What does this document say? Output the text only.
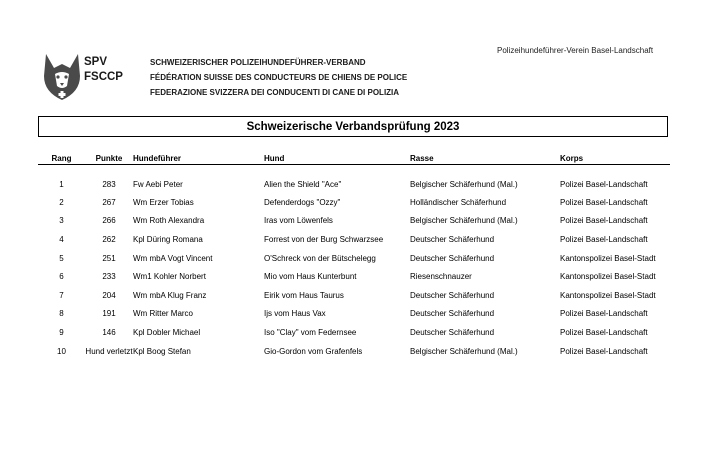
Polizeihundeführer-Verein Basel-Landschaft
SPV
FSCCP
SCHWEIZERISCHER POLIZEIHUNDEFÜHRER-VERBAND
FÉDÉRATION SUISSE DES CONDUCTEURS DE CHIENS DE POLICE
FEDERAZIONE SVIZZERA DEI CONDUCENTI DI CANE DI POLIZIA
Schweizerische Verbandsprüfung 2023
Rang	Punkte	Hundeführer	Hund	Rasse	Korps
1	283	Fw Aebi Peter	Alien the Shield "Ace"	Belgischer Schäferhund (Mal.)	Polizei Basel-Landschaft
2	267	Wm Erzer Tobias	Defenderdogs "Ozzy"	Holländischer Schäferhund	Polizei Basel-Landschaft
3	266	Wm Roth Alexandra	Iras vom Löwenfels	Belgischer Schäferhund (Mal.)	Polizei Basel-Landschaft
4	262	Kpl Düring Romana	Forrest von der Burg Schwarzsee	Deutscher Schäferhund	Polizei Basel-Landschaft
5	251	Wm mbA Vogt Vincent	O'Schreck von der Bütschelegg	Deutscher Schäferhund	Kantonspolizei Basel-Stadt
6	233	Wm1 Kohler Norbert	Mio vom Haus Kunterbunt	Riesenschnauzer	Kantonspolizei Basel-Stadt
7	204	Wm mbA Klug Franz	Eirik vom Haus Taurus	Deutscher Schäferhund	Kantonspolizei Basel-Stadt
8	191	Wm Ritter Marco	Ijs vom Haus Vax	Deutscher Schäferhund	Polizei Basel-Landschaft
9	146	Kpl Dobler Michael	Iso "Clay" vom Federnsee	Deutscher Schäferhund	Polizei Basel-Landschaft
10	Hund verletzt	Kpl Boog Stefan	Gio-Gordon vom Grafenfels	Belgischer Schäferhund (Mal.)	Polizei Basel-Landschaft
